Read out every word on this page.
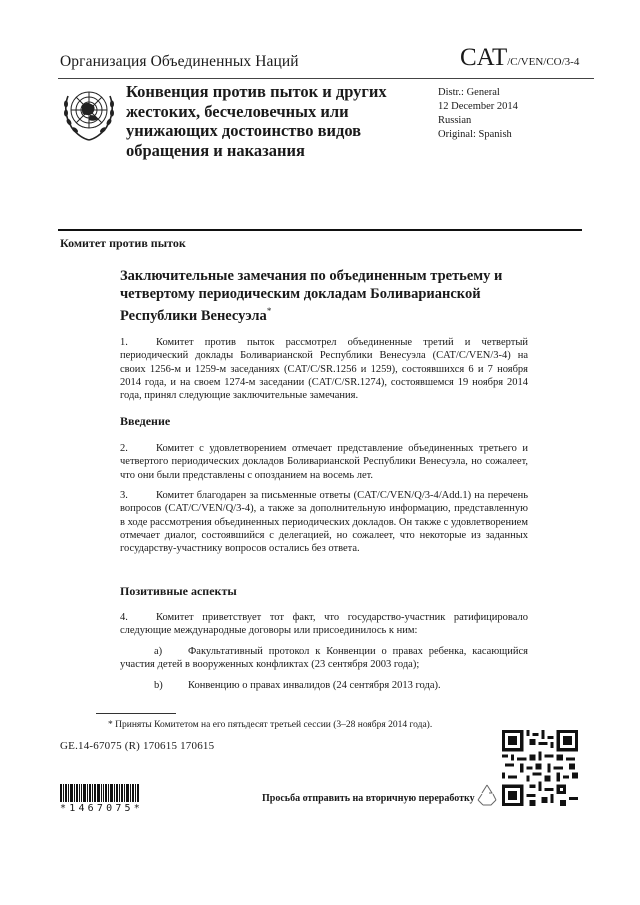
Организация Объединенных Наций	CAT/C/VEN/CO/3-4
Конвенция против пыток и других жестоких, бесчеловечных или унижающих достоинство видов обращения и наказания
Distr.: General
12 December 2014
Russian
Original: Spanish
Комитет против пыток
Заключительные замечания по объединенным третьему и четвертому периодическим докладам Боливарианской Республики Венесуэла*
1.	Комитет против пыток рассмотрел объединенные третий и четвертый периодический доклады Боливарианской Республики Венесуэла (CAT/C/VEN/3-4) на своих 1256-м и 1259-м заседаниях (CAT/C/SR.1256 и 1259), состоявшихся 6 и 7 ноября 2014 года, и на своем 1274-м заседании (CAT/C/SR.1274), состоявшемся 19 ноября 2014 года, принял следующие заключительные замечания.
Введение
2.	Комитет с удовлетворением отмечает представление объединенных третьего и четвертого периодических докладов Боливарианской Республики Венесуэла, но сожалеет, что они были представлены с опозданием на восемь лет.
3.	Комитет благодарен за письменные ответы (CAT/C/VEN/Q/3-4/Add.1) на перечень вопросов (CAT/C/VEN/Q/3-4), а также за дополнительную информацию, представленную в ходе рассмотрения объединенных периодических докладов. Он также с удовлетворением отмечает диалог, состоявшийся с делегацией, но сожалеет, что некоторые из заданных государству-участнику вопросов остались без ответа.
Позитивные аспекты
4.	Комитет приветствует тот факт, что государство-участник ратифицировало следующие международные договоры или присоединилось к ним:
a) Факультативный протокол к Конвенции о правах ребенка, касающийся участия детей в вооруженных конфликтах (23 сентября 2003 года);
b) Конвенцию о правах инвалидов (24 сентября 2013 года).
* Приняты Комитетом на его пятьдесят третьей сессии (3–28 ноября 2014 года).
GE.14-67075 (R) 170615 170615
*1467075*
Просьба отправить на вторичную переработку
